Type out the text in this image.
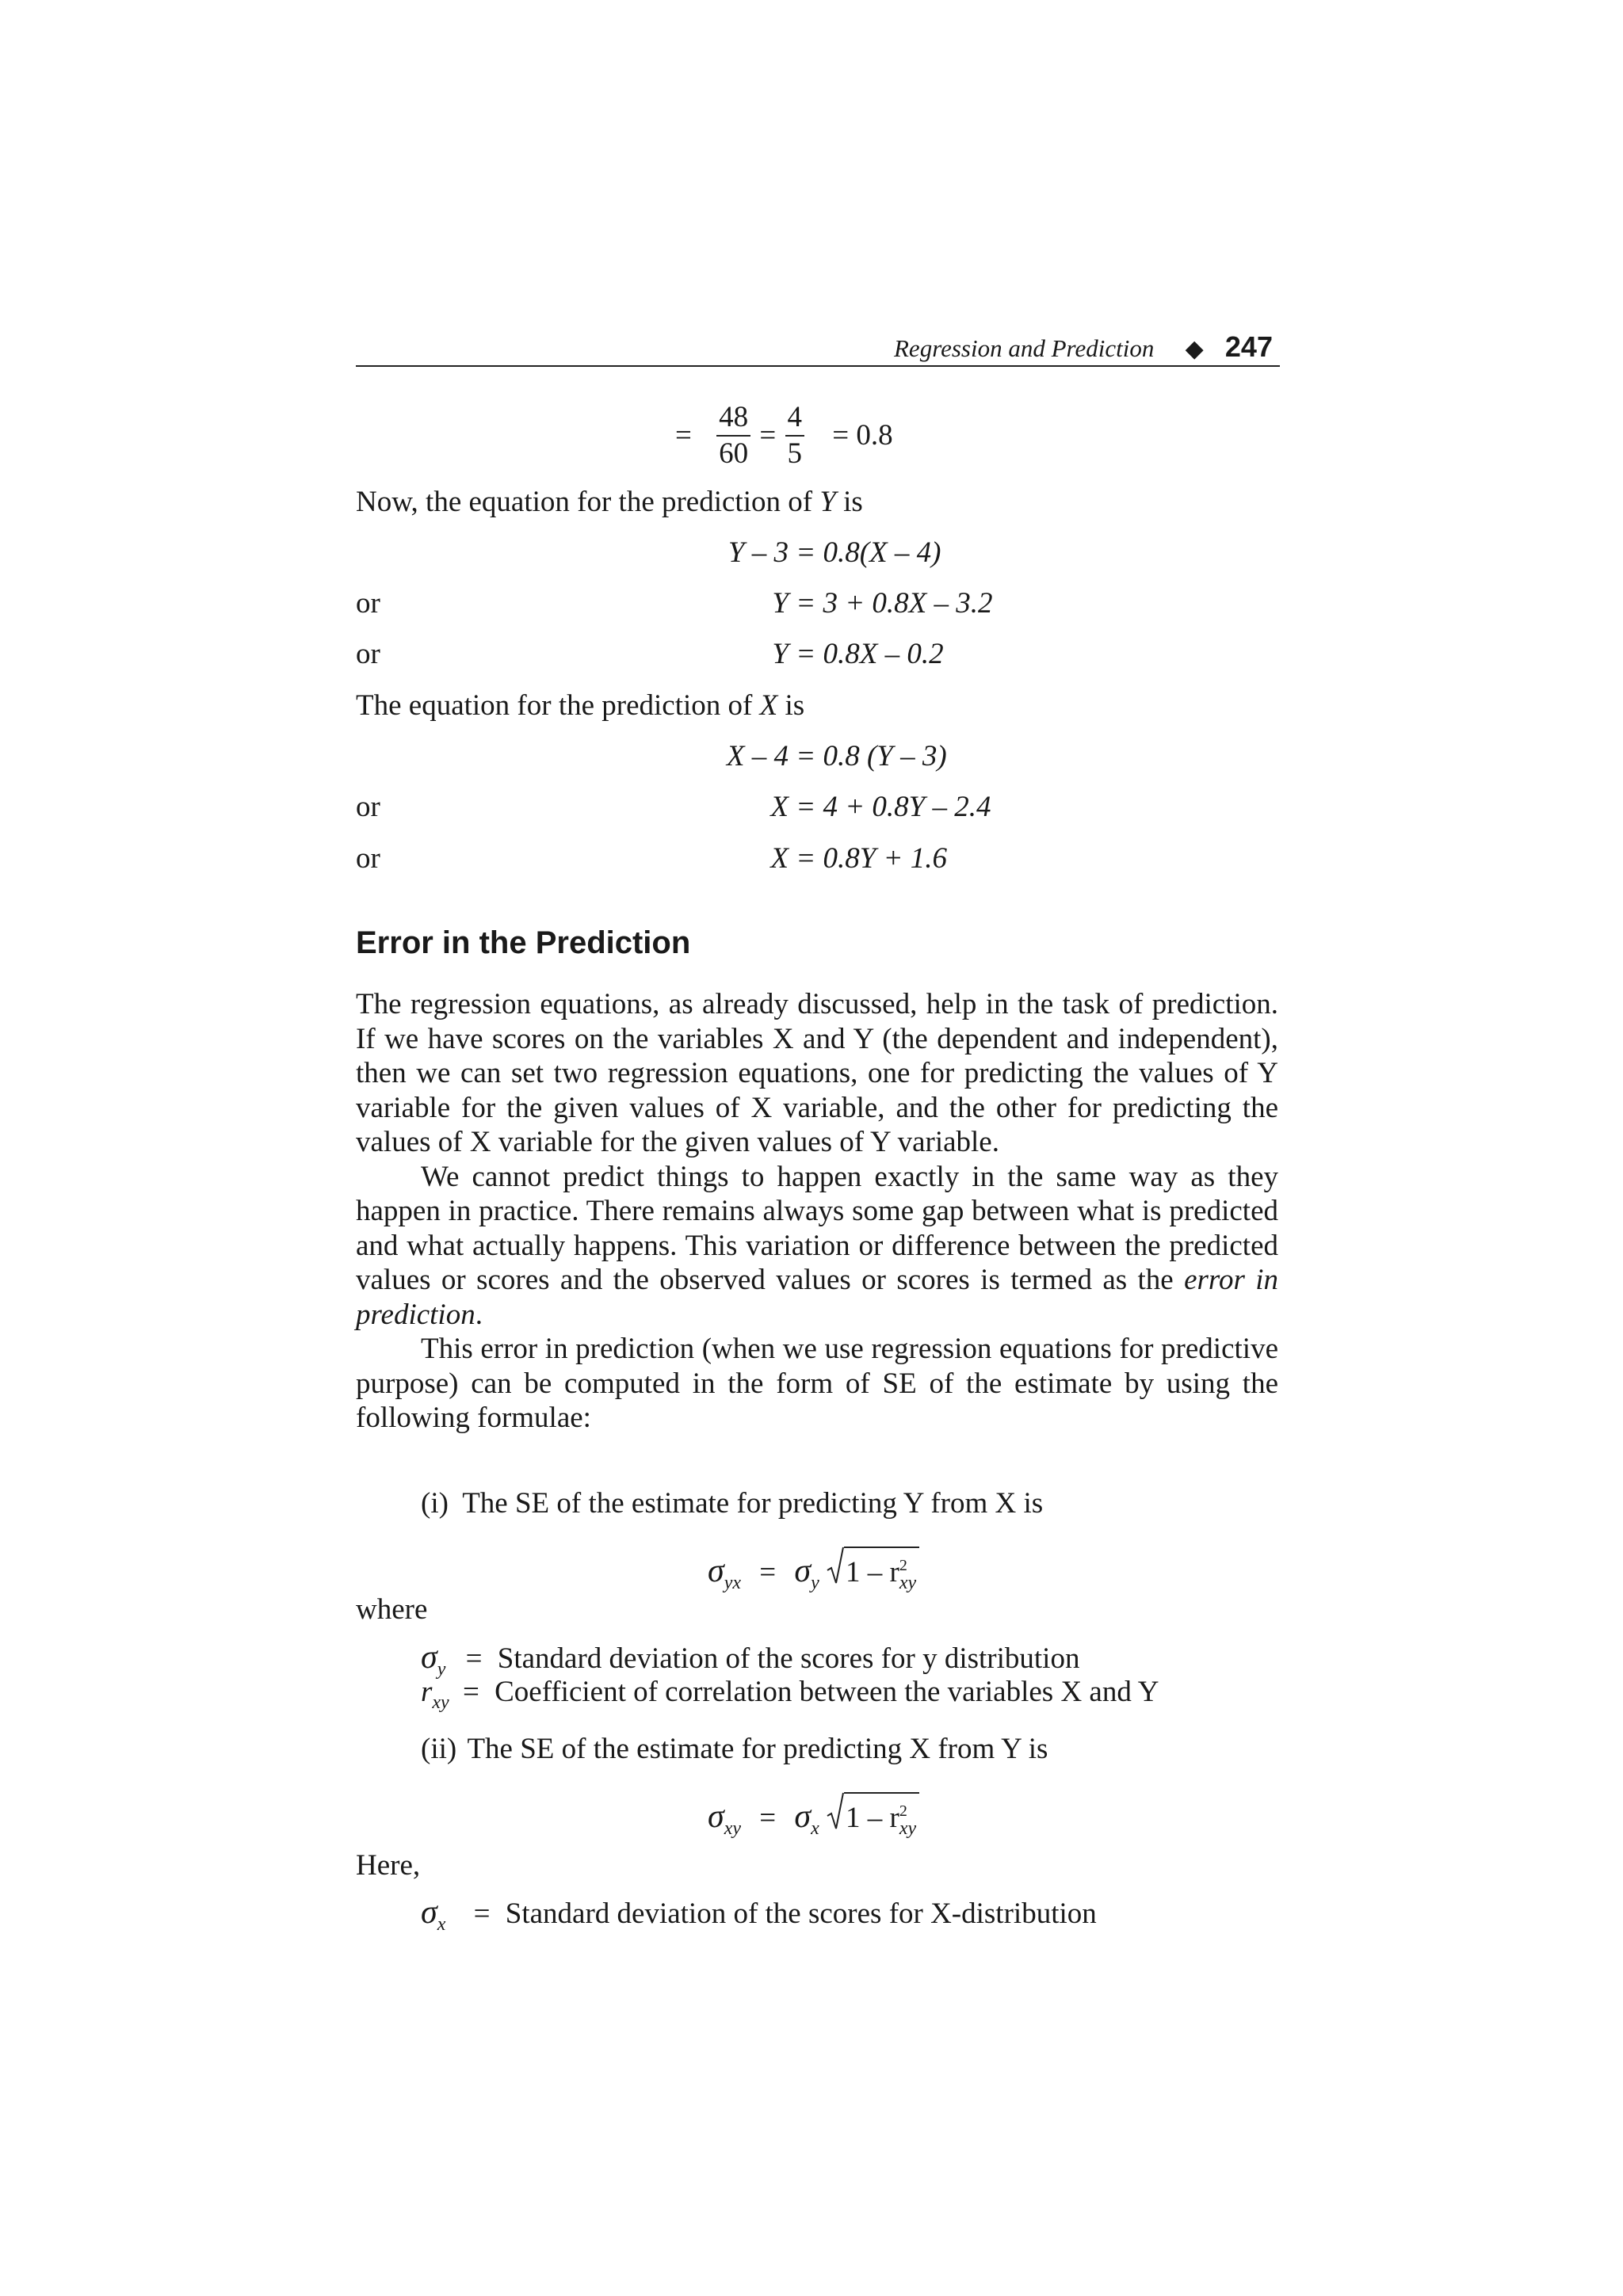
Regression and Prediction ◆ 247
= $\frac{48}{60} = \frac{4}{5} = 0.8$
Now, the equation for the prediction of Y is
Y – 3 = 0.8(X – 4)
or	Y = 3 + 0.8X – 3.2
or	Y = 0.8X – 0.2
The equation for the prediction of X is
X – 4 = 0.8 (Y – 3)
or	X = 4 + 0.8Y – 2.4
or	X = 0.8Y + 1.6
Error in the Prediction

The regression equations, as already discussed, help in the task of prediction. If we have scores on the variables X and Y (the dependent and independent), then we can set two regression equations, one for predicting the values of Y variable for the given values of X variable, and the other for predicting the values of X variable for the given values of Y variable.

We cannot predict things to happen exactly in the same way as they happen in practice. There remains always some gap between what is predicted and what actually happens. This variation or difference between the predicted values or scores and the observed values or scores is termed as the error in prediction.

This error in prediction (when we use regression equations for predictive purpose) can be computed in the form of SE of the estimate by using the following formulae:

(i) The SE of the estimate for predicting Y from X is
$\sigma_{yx} = \sigma_y$ $1 - r^2_{xy}$
where
$\sigma_y$ = Standard deviation of the scores for y distribution
$r_{xy}$ = Coefficient of correlation between the variables X and Y
(ii) The SE of the estimate for predicting X from Y is
$\sigma_{xy} = \sigma_x$ $1 - r^2_{xy}$
Here,
$\sigma_x$ = Standard deviation of the scores for X-distribution
